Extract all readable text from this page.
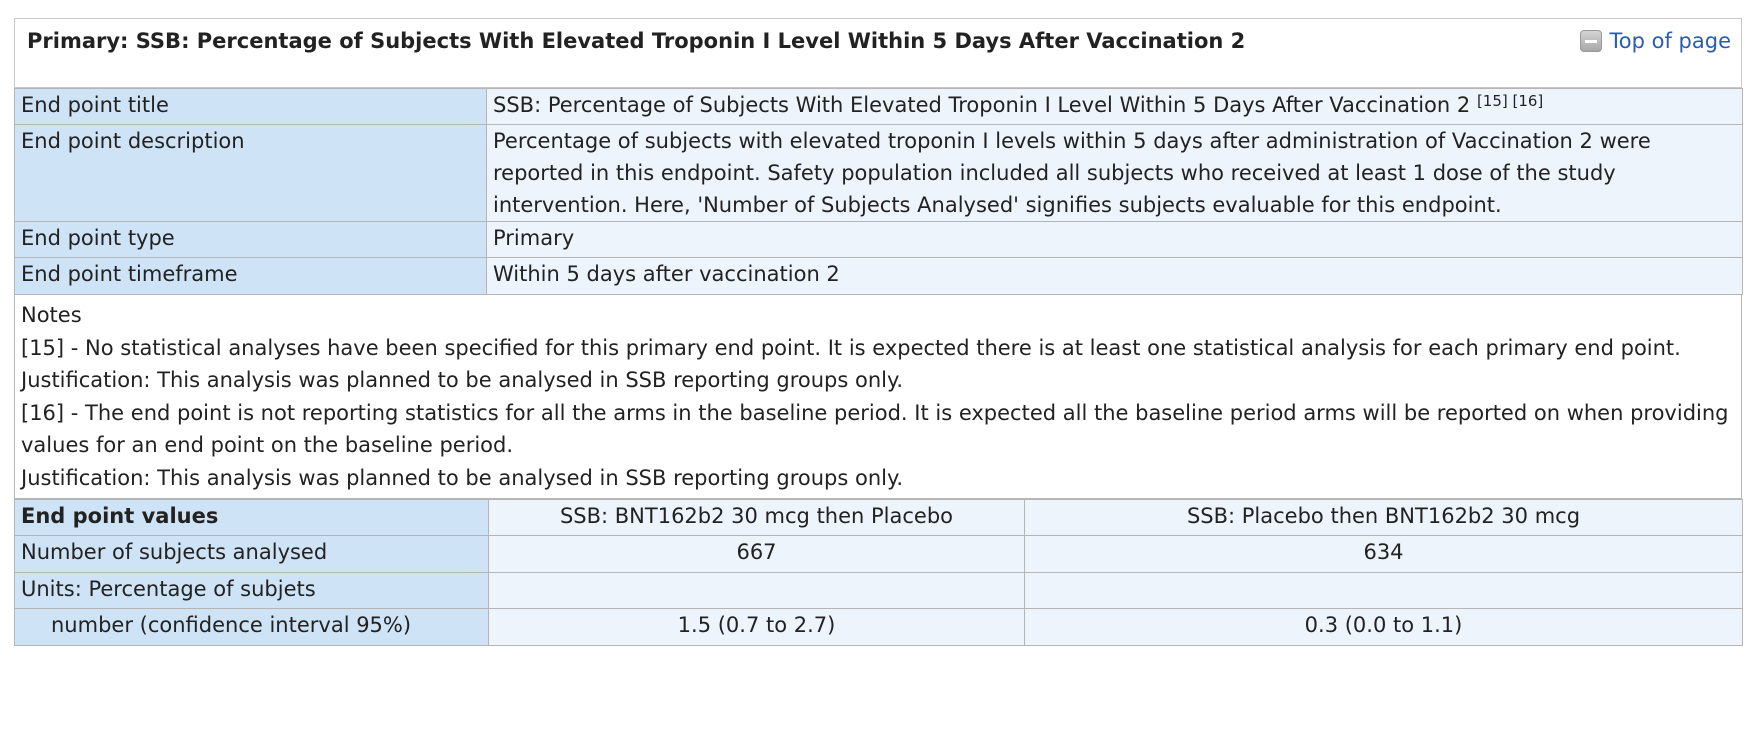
Primary: SSB: Percentage of Subjects With Elevated Troponin I Level Within 5 Days After Vaccination 2	Top of page
End point title	SSB: Percentage of Subjects With Elevated Troponin I Level Within 5 Days After Vaccination 2 [15] [16]
End point description	Percentage of subjects with elevated troponin I levels within 5 days after administration of Vaccination 2 were reported in this endpoint. Safety population included all subjects who received at least 1 dose of the study intervention. Here, 'Number of Subjects Analysed' signifies subjects evaluable for this endpoint.
End point type	Primary
End point timeframe	Within 5 days after vaccination 2
Notes
[15] - No statistical analyses have been specified for this primary end point. It is expected there is at least one statistical analysis for each primary end point.
Justification: This analysis was planned to be analysed in SSB reporting groups only.
[16] - The end point is not reporting statistics for all the arms in the baseline period. It is expected all the baseline period arms will be reported on when providing values for an end point on the baseline period.
Justification: This analysis was planned to be analysed in SSB reporting groups only.
End point values	SSB: BNT162b2 30 mcg then Placebo	SSB: Placebo then BNT162b2 30 mcg
Number of subjects analysed	667	634
Units: Percentage of subjets		
number (confidence interval 95%)	1.5 (0.7 to 2.7)	0.3 (0.0 to 1.1)
